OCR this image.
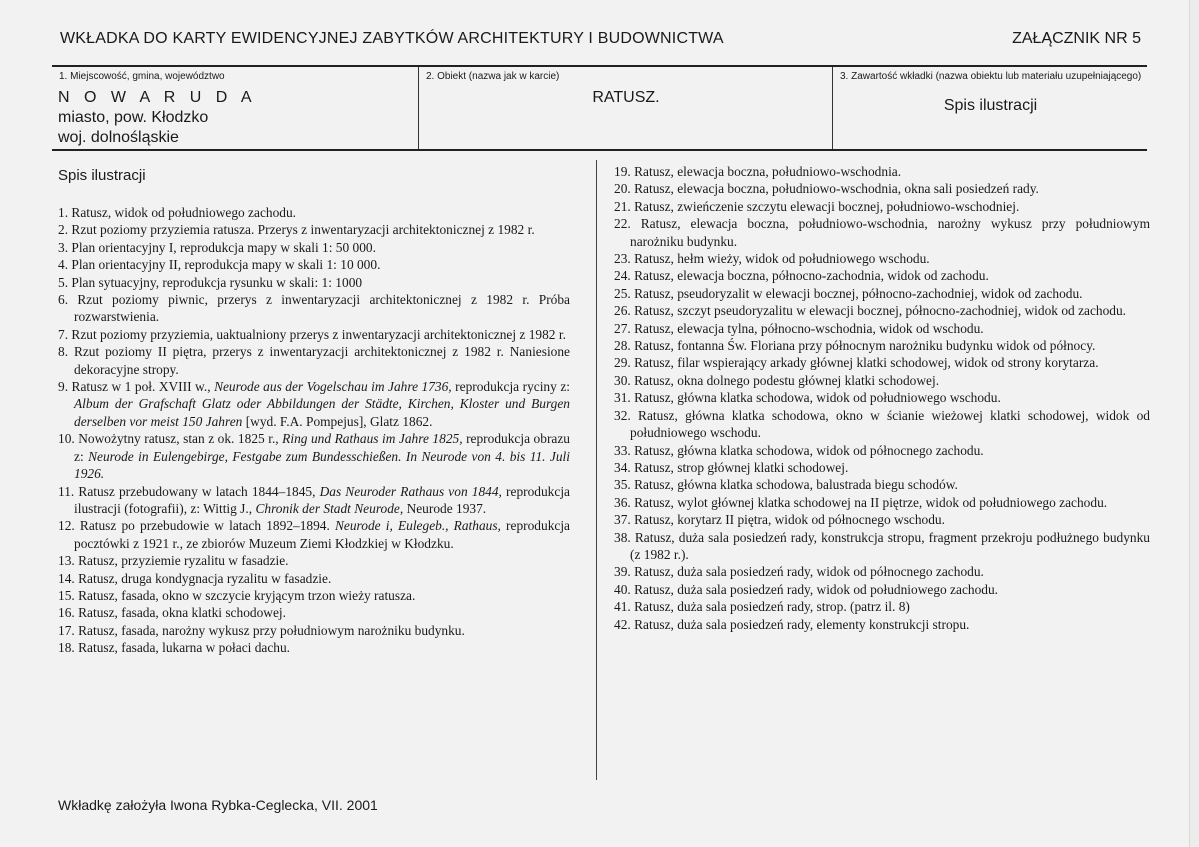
WKŁADKA DO KARTY EWIDENCYJNEJ ZABYTKÓW ARCHITEKTURY I BUDOWNICTWA	ZAŁĄCZNIK NR 5
1. Miejscowość, gmina, województwo
N O W A R U D A
miasto, pow. Kłodzko
woj. dolnośląskie
2. Obiekt (nazwa jak w karcie)
RATUSZ.
3. Zawartość wkładki (nazwa obiektu lub materiału uzupełniającego)
Spis ilustracji
Spis ilustracji
1. Ratusz, widok od południowego zachodu.
2. Rzut poziomy przyziemia ratusza. Przerys z inwentaryzacji architektonicznej z 1982 r.
3. Plan orientacyjny I, reprodukcja mapy w skali 1: 50 000.
4. Plan orientacyjny II, reprodukcja mapy w skali 1: 10 000.
5. Plan sytuacyjny, reprodukcja rysunku w skali: 1: 1000
6. Rzut poziomy piwnic, przerys z inwentaryzacji architektonicznej z 1982 r. Próba rozwarstwienia.
7. Rzut poziomy przyziemia, uaktualniony przerys z inwentaryzacji architektonicznej z 1982 r.
8. Rzut poziomy II piętra, przerys z inwentaryzacji architektonicznej z 1982 r. Naniesione dekoracyjne stropy.
9. Ratusz w 1 poł. XVIII w., Neurode aus der Vogelschau im Jahre 1736, reprodukcja ryciny z: Album der Grafschaft Glatz oder Abbildungen der Städte, Kirchen, Kloster und Burgen derselben vor meist 150 Jahren [wyd. F.A. Pompejus], Glatz 1862.
10. Nowożytny ratusz, stan z ok. 1825 r., Ring und Rathaus im Jahre 1825, reprodukcja obrazu z: Neurode in Eulengebirge, Festgabe zum Bundesschießen. In Neurode von 4. bis 11. Juli 1926.
11. Ratusz przebudowany w latach 1844–1845, Das Neuroder Rathaus von 1844, reprodukcja ilustracji (fotografii), z: Wittig J., Chronik der Stadt Neurode, Neurode 1937.
12. Ratusz po przebudowie w latach 1892–1894. Neurode i, Eulegeb., Rathaus, reprodukcja pocztówki z 1921 r., ze zbiorów Muzeum Ziemi Kłodzkiej w Kłodzku.
13. Ratusz, przyziemie ryzalitu w fasadzie.
14. Ratusz, druga kondygnacja ryzalitu w fasadzie.
15. Ratusz, fasada, okno w szczycie kryjącym trzon wieży ratusza.
16. Ratusz, fasada, okna klatki schodowej.
17. Ratusz, fasada, narożny wykusz przy południowym narożniku budynku.
18. Ratusz, fasada, lukarna w połaci dachu.
19. Ratusz, elewacja boczna, południowo-wschodnia.
20. Ratusz, elewacja boczna, południowo-wschodnia, okna sali posiedzeń rady.
21. Ratusz, zwieńczenie szczytu elewacji bocznej, południowo-wschodniej.
22. Ratusz, elewacja boczna, południowo-wschodnia, narożny wykusz przy południowym narożniku budynku.
23. Ratusz, hełm wieży, widok od południowego wschodu.
24. Ratusz, elewacja boczna, północno-zachodnia, widok od zachodu.
25. Ratusz, pseudoryzalit w elewacji bocznej, północno-zachodniej, widok od zachodu.
26. Ratusz, szczyt pseudoryzalitu w elewacji bocznej, północno-zachodniej, widok od zachodu.
27. Ratusz, elewacja tylna, północno-wschodnia, widok od wschodu.
28. Ratusz, fontanna Św. Floriana przy północnym narożniku budynku widok od północy.
29. Ratusz, filar wspierający arkady głównej klatki schodowej, widok od strony korytarza.
30. Ratusz, okna dolnego podestu głównej klatki schodowej.
31. Ratusz, główna klatka schodowa, widok od południowego wschodu.
32. Ratusz, główna klatka schodowa, okno w ścianie wieżowej klatki schodowej, widok od południowego wschodu.
33. Ratusz, główna klatka schodowa, widok od północnego zachodu.
34. Ratusz, strop głównej klatki schodowej.
35. Ratusz, główna klatka schodowa, balustrada biegu schodów.
36. Ratusz, wylot głównej klatka schodowej na II piętrze, widok od południowego zachodu.
37. Ratusz, korytarz II piętra, widok od północnego wschodu.
38. Ratusz, duża sala posiedzeń rady, konstrukcja stropu, fragment przekroju podłużnego budynku (z 1982 r.).
39. Ratusz, duża sala posiedzeń rady, widok od północnego zachodu.
40. Ratusz, duża sala posiedzeń rady, widok od południowego zachodu.
41. Ratusz, duża sala posiedzeń rady, strop. (patrz il. 8)
42. Ratusz, duża sala posiedzeń rady, elementy konstrukcji stropu.
Wkładkę założyła Iwona Rybka-Ceglecka, VII. 2001
